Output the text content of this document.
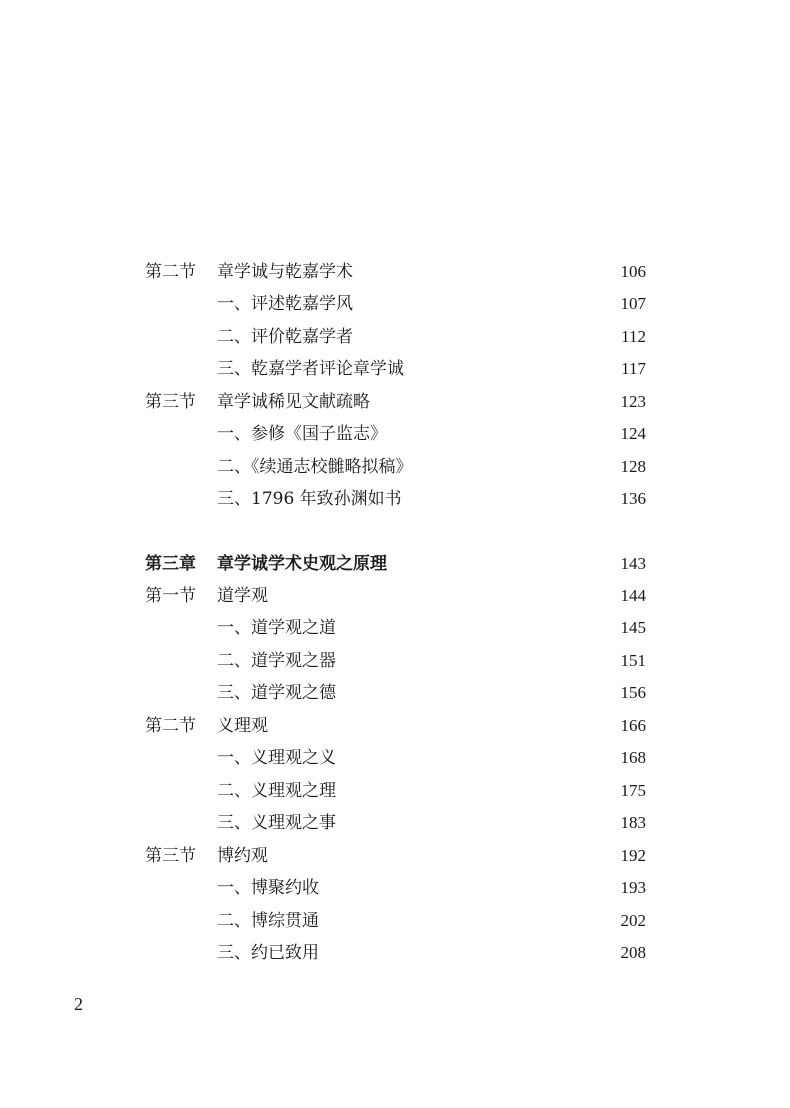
第二节 章学诚与乾嘉学术	106
一、评述乾嘉学风	107
二、评价乾嘉学者	112
三、乾嘉学者评论章学诚	117
第三节 章学诚稀见文献疏略	123
一、参修《国子监志》	124
二、《续通志校雠略拟稿》	128
三、1796 年致孙渊如书	136
第三章 章学诚学术史观之原理	143
第一节 道学观	144
一、道学观之道	145
二、道学观之器	151
三、道学观之德	156
第二节 义理观	166
一、义理观之义	168
二、义理观之理	175
三、义理观之事	183
第三节 博约观	192
一、博聚约收	193
二、博综贯通	202
三、约已致用	208
2
